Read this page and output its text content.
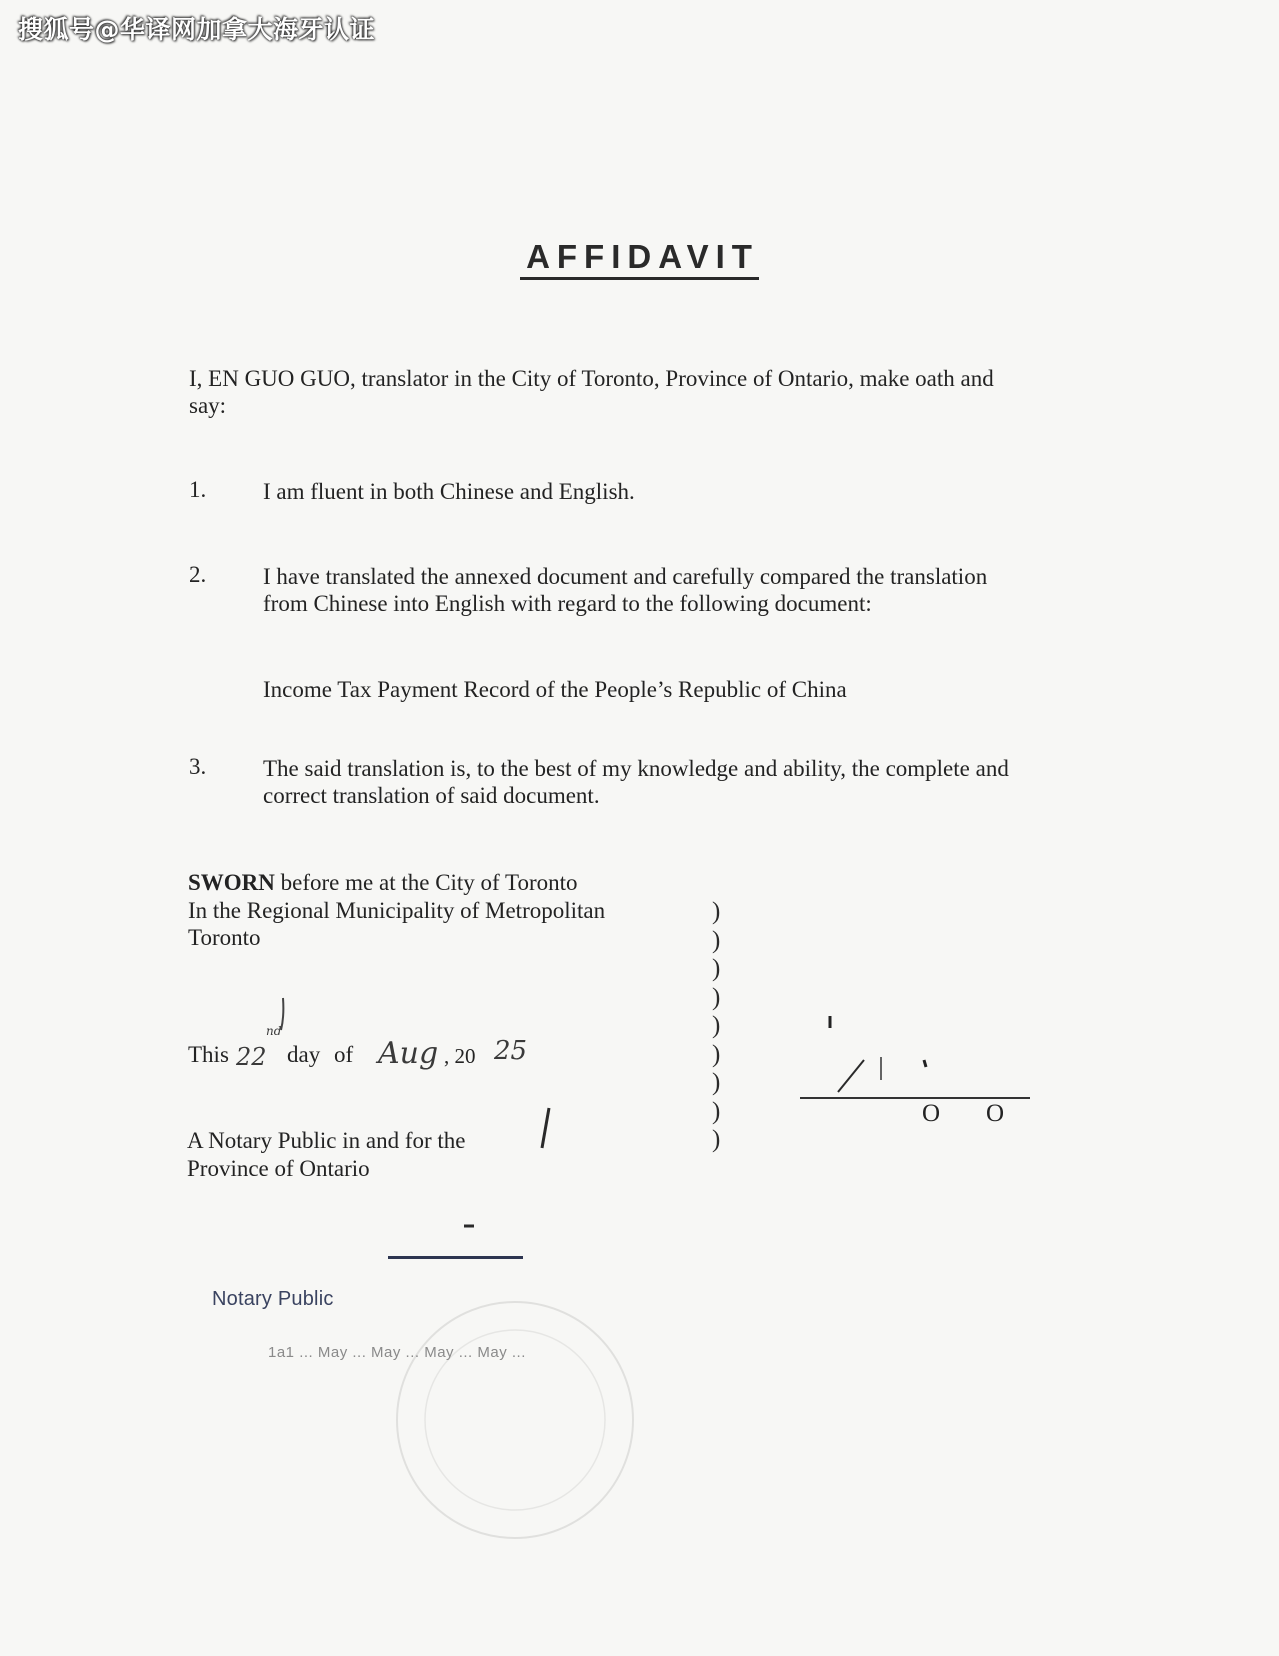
搜狐号@华译网加拿大海牙认证
AFFIDAVIT
I, EN GUO GUO, translator in the City of Toronto, Province of Ontario, make oath and
say:
1. I am fluent in both Chinese and English.
2. I have translated the annexed document and carefully compared the translation
from Chinese into English with regard to the following document:
Income Tax Payment Record of the People’s Republic of China
3. The said translation is, to the best of my knowledge and ability, the complete and
correct translation of said document.
SWORN before me at the City of Toronto
In the Regional Municipality of Metropolitan
Toronto
)
)
)
)
)
)
)
)
)
This 22
nd
day of Aug , 20 25
O O
A Notary Public in and for the
Province of Ontario
Notary Public
1a1 ... May ... May ... May ... May ...
